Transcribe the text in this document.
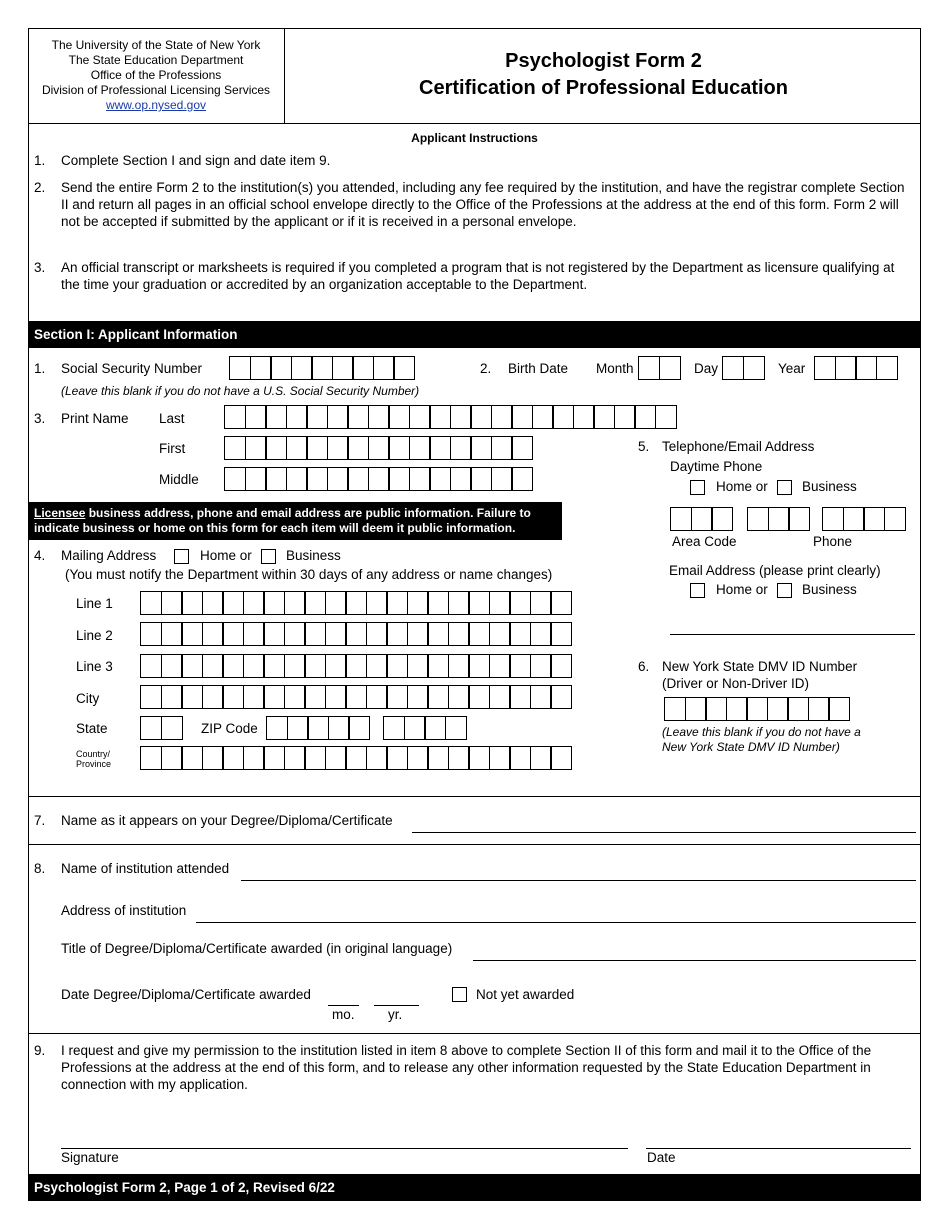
The University of the State of New York
The State Education Department
Office of the Professions
Division of Professional Licensing Services
www.op.nysed.gov
Psychologist Form 2
Certification of Professional Education
Applicant Instructions
1. Complete Section I and sign and date item 9.
2. Send the entire Form 2 to the institution(s) you attended, including any fee required by the institution, and have the registrar complete Section II and return all pages in an official school envelope directly to the Office of the Professions at the address at the end of this form. Form 2 will not be accepted if submitted by the applicant or if it is received in a personal envelope.
3. An official transcript or marksheets is required if you completed a program that is not registered by the Department as licensure qualifying at the time your graduation or accredited by an organization acceptable to the Department.
Section I: Applicant Information
1. Social Security Number
(Leave this blank if you do not have a U.S. Social Security Number)
2. Birth Date Month	Day	Year
3. Print Name Last
First
Middle
Licensee business address, phone and email address are public information. Failure to indicate business or home on this form for each item will deem it public information.
4. Mailing Address	Home or	Business
(You must notify the Department within 30 days of any address or name changes)
Line 1
Line 2
Line 3
City
State	ZIP Code
Country/
Province
5. Telephone/Email Address
Daytime Phone
Home or	Business
Area Code	Phone
Email Address (please print clearly)
Home or	Business
6. New York State DMV ID Number
(Driver or Non-Driver ID)
(Leave this blank if you do not have a
New York State DMV ID Number)
7. Name as it appears on your Degree/Diploma/Certificate
8. Name of institution attended
Address of institution
Title of Degree/Diploma/Certificate awarded (in original language)
Date Degree/Diploma/Certificate awarded
mo. yr.
Not yet awarded
9. I request and give my permission to the institution listed in item 8 above to complete Section II of this form and mail it to the Office of the Professions at the address at the end of this form, and to release any other information requested by the State Education Department in connection with my application.
Signature	Date
Psychologist Form 2, Page 1 of 2, Revised 6/22
